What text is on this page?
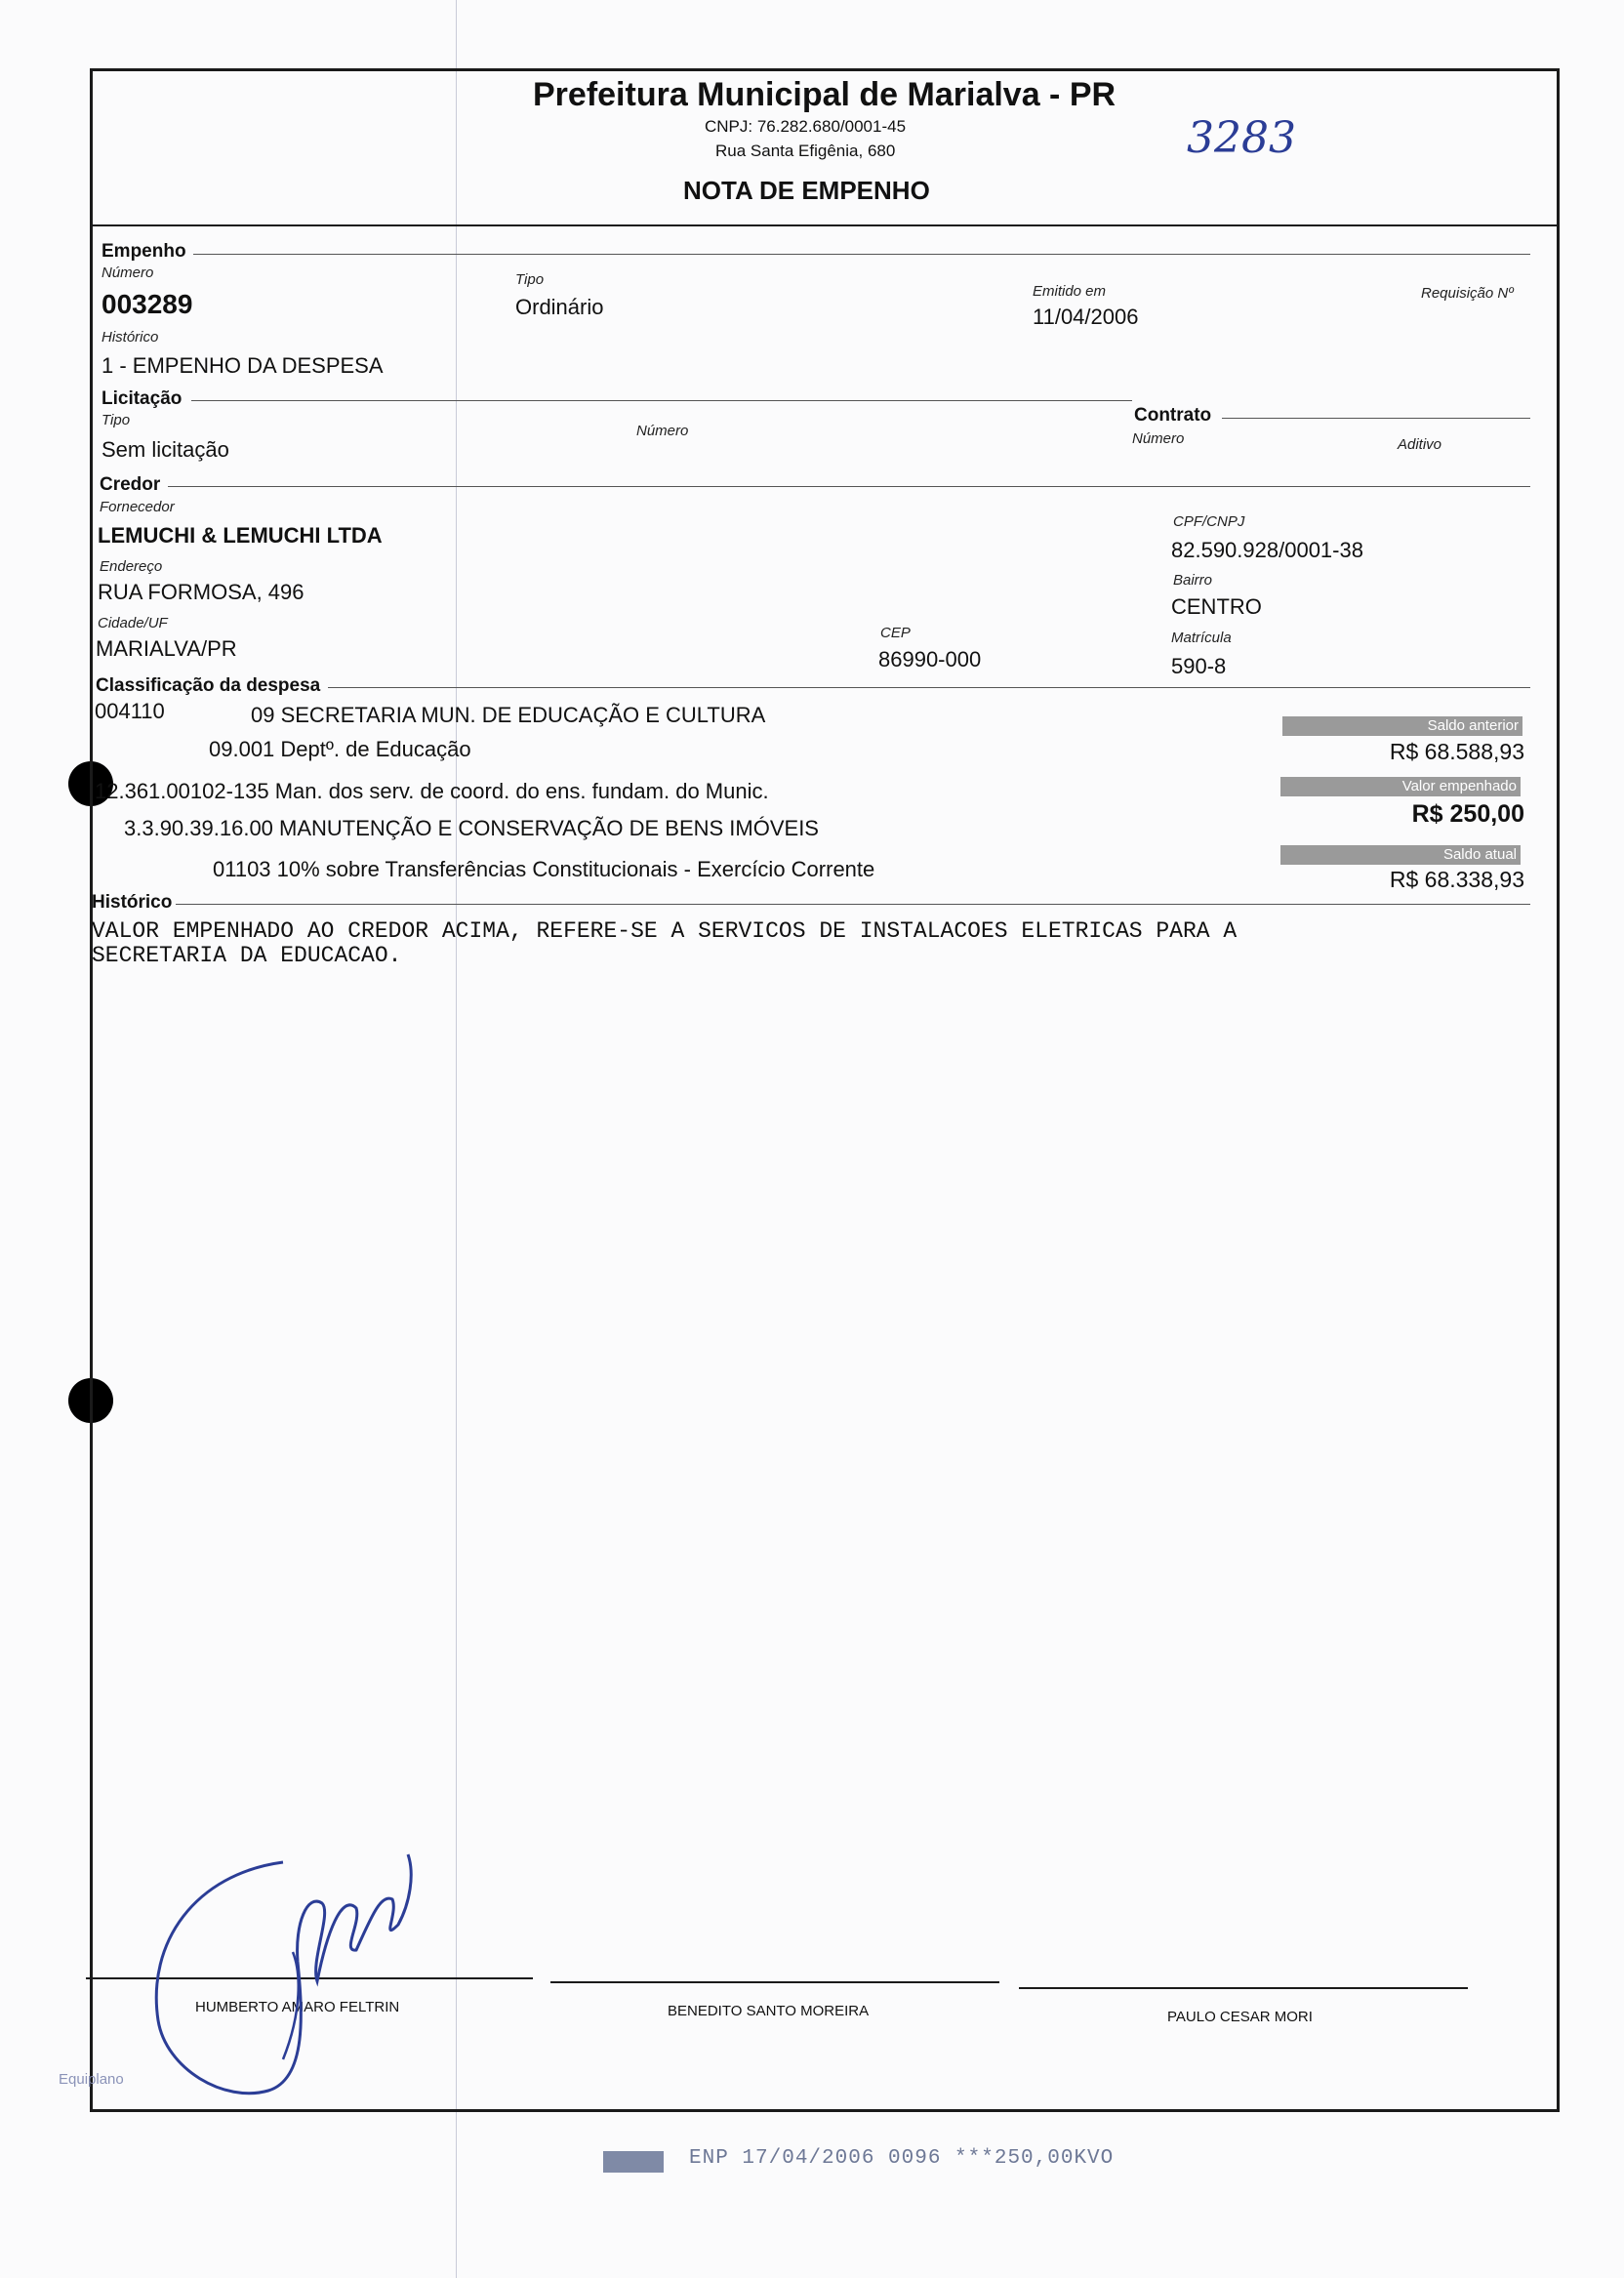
Prefeitura Municipal de Marialva - PR
CNPJ: 76.282.680/0001-45
Rua Santa Efigênia, 680
NOTA DE EMPENHO
3283
Empenho
Número
003289
Tipo
Ordinário
Emitido em
11/04/2006
Requisição Nº
Histórico
1 - EMPENHO DA DESPESA
Licitação
Tipo
Sem licitação
Número
Contrato
Número	Aditivo
Credor
Fornecedor
LEMUCHI & LEMUCHI LTDA
CPF/CNPJ
82.590.928/0001-38
Endereço
RUA FORMOSA, 496	Bairro
CENTRO
Cidade/UF
MARIALVA/PR
CEP
86990-000
Matrícula
590-8
Classificação da despesa
004110	09 SECRETARIA MUN. DE EDUCAÇÃO E CULTURA
09.001 Deptº. de Educação
12.361.00102-135 Man. dos serv. de coord. do ens. fundam. do Munic.
3.3.90.39.16.00 MANUTENÇÃO E CONSERVAÇÃO DE BENS IMÓVEIS
01103 10% sobre Transferências Constitucionais - Exercício Corrente
Saldo anterior
R$ 68.588,93
Valor empenhado
R$ 250,00
Saldo atual
R$ 68.338,93
Histórico
VALOR EMPENHADO AO CREDOR ACIMA, REFERE-SE A SERVICOS DE INSTALACOES ELETRICAS PARA A
SECRETARIA DA EDUCACAO.
HUMBERTO AMARO FELTRIN	BENEDITO SANTO MOREIRA	PAULO CESAR MORI
Equiplano
ENP 17/04/2006 0096 ***250,00KVO
